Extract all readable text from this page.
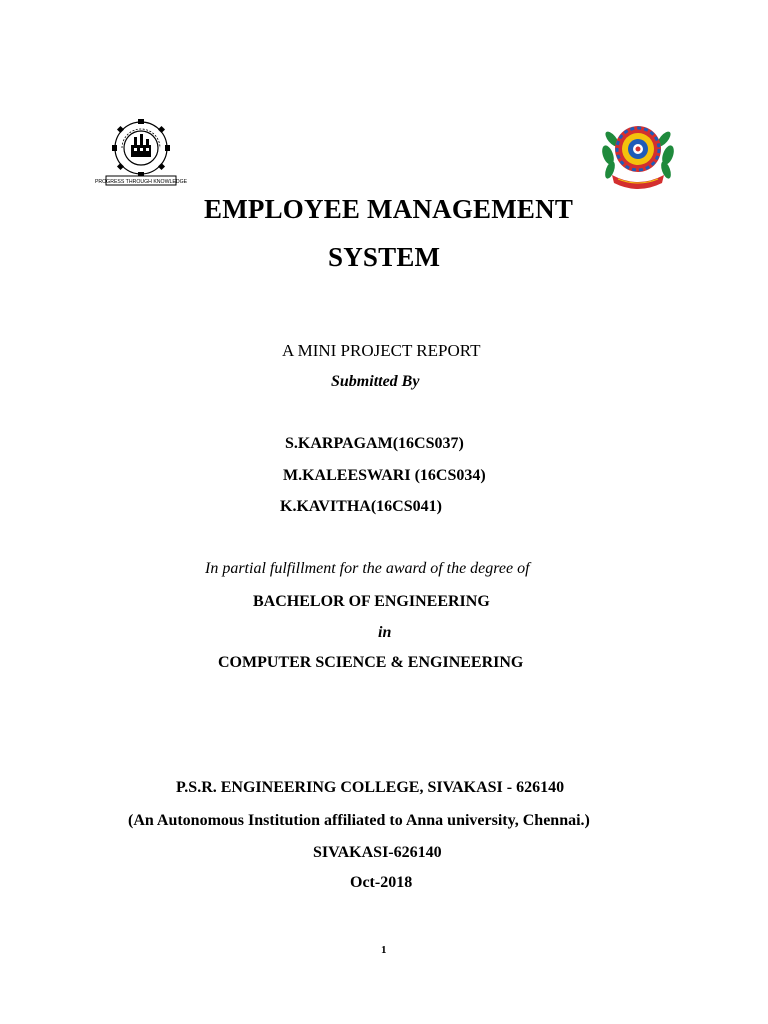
PROGRESS THROUGH KNOWLEDGE
EMPLOYEE MANAGEMENT
SYSTEM
A MINI PROJECT REPORT
Submitted By
S.KARPAGAM(16CS037)
M.KALEESWARI (16CS034)
K.KAVITHA(16CS041)
In partial fulfillment for the award of the degree of
BACHELOR OF ENGINEERING
in
COMPUTER SCIENCE & ENGINEERING
P.S.R. ENGINEERING COLLEGE, SIVAKASI - 626140
(An Autonomous Institution affiliated to Anna university, Chennai.)
SIVAKASI-626140
Oct-2018
1
